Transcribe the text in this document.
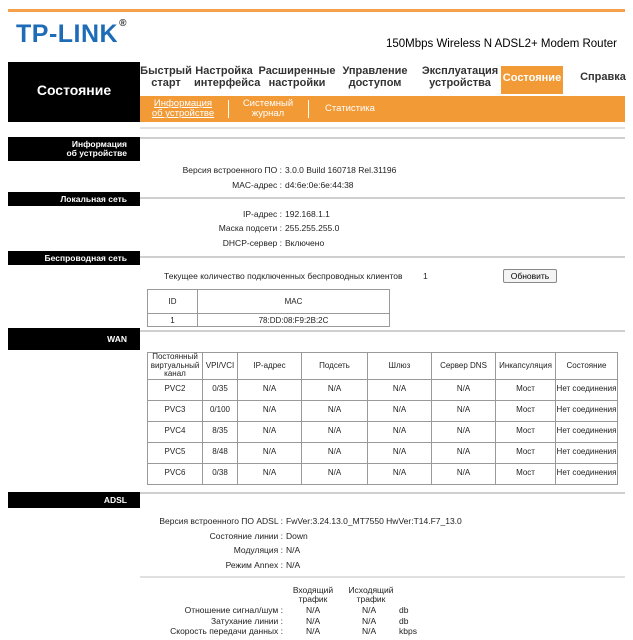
TP-LINK®
150Mbps Wireless N ADSL2+ Modem Router
Состояние
Быстрый
старт
Настройка
интерфейса
Расширенные
настройки
Управление
доступом
Эксплуатация
устройства	Состояние	Справка
Информация
об устройстве
Системный
журнал	Статистика
Информация
об устройстве
Версия встроенного ПО : 3.0.0 Build 160718 Rel.31196
MAC-адрес : d4:6e:0e:6e:44:38
Локальная сеть
IP-адрес : 192.168.1.1
Маска подсети : 255.255.255.0
DHCP-сервер : Включено
Беспроводная сеть
Текущее количество подключенных беспроводных клиентов 1	Обновить
ID	MAC
1	78:DD:08:F9:2B:2C
WAN
Постоянный
виртуальный
канал	VPI/VCI	IP-адрес	Подсеть	Шлюз	Сервер DNS	Инкапсуляция	Состояние
PVC2	0/35	N/A	N/A	N/A	N/A	Мост	Нет соединения
PVC3	0/100	N/A	N/A	N/A	N/A	Мост	Нет соединения
PVC4	8/35	N/A	N/A	N/A	N/A	Мост	Нет соединения
PVC5	8/48	N/A	N/A	N/A	N/A	Мост	Нет соединения
PVC6	0/38	N/A	N/A	N/A	N/A	Мост	Нет соединения
ADSL
Версия встроенного ПО ADSL : FwVer:3.24.13.0_MT7550 HwVer:T14.F7_13.0
Состояние линии : Down
Модуляция : N/A
Режим Annex : N/A
Входящий
трафик
Исходящий
трафик
Отношение сигнал/шум :	N/A	N/A	db
Затухание линии :	N/A	N/A	db
Скорость передачи данных :	N/A	N/A	kbps
